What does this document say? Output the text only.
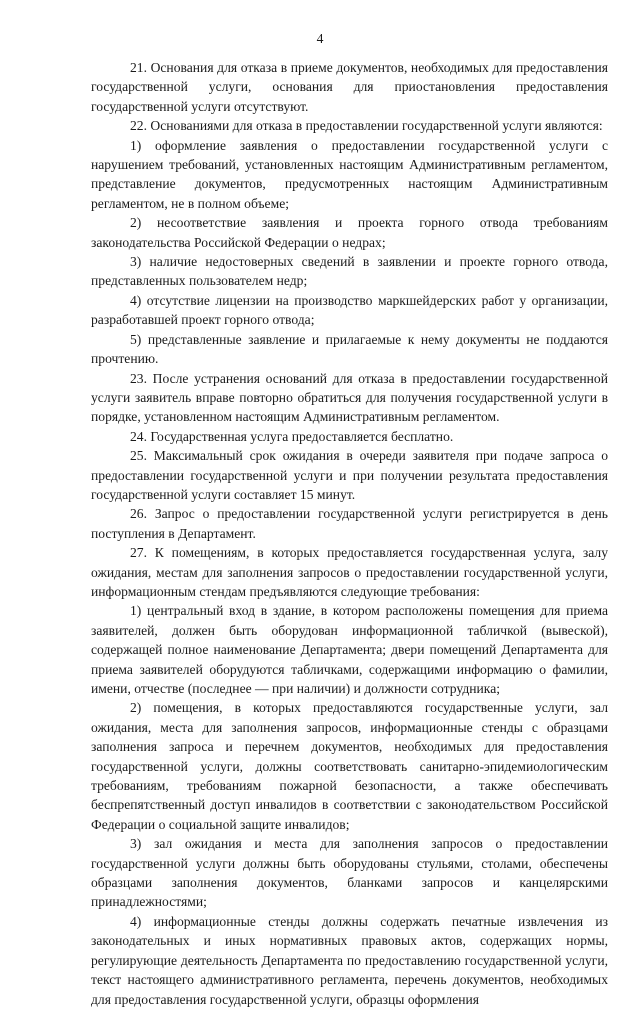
4

21. Основания для отказа в приеме документов, необходимых для предоставления государственной услуги, основания для приостановления предоставления государственной услуги отсутствуют.

22. Основаниями для отказа в предоставлении государственной услуги являются:

1) оформление заявления о предоставлении государственной услуги с нарушением требований, установленных настоящим Административным регламентом, представление документов, предусмотренных настоящим Административным регламентом, не в полном объеме;

2) несоответствие заявления и проекта горного отвода требованиям законодательства Российской Федерации о недрах;

3) наличие недостоверных сведений в заявлении и проекте горного отвода, представленных пользователем недр;

4) отсутствие лицензии на производство маркшейдерских работ у организации, разработавшей проект горного отвода;

5) представленные заявление и прилагаемые к нему документы не поддаются прочтению.

23. После устранения оснований для отказа в предоставлении государственной услуги заявитель вправе повторно обратиться для получения государственной услуги в порядке, установленном настоящим Административным регламентом.

24. Государственная услуга предоставляется бесплатно.

25. Максимальный срок ожидания в очереди заявителя при подаче запроса о предоставлении государственной услуги и при получении результата предоставления государственной услуги составляет 15 минут.

26. Запрос о предоставлении государственной услуги регистрируется в день поступления в Департамент.

27. К помещениям, в которых предоставляется государственная услуга, залу ожидания, местам для заполнения запросов о предоставлении государственной услуги, информационным стендам предъявляются следующие требования:

1) центральный вход в здание, в котором расположены помещения для приема заявителей, должен быть оборудован информационной табличкой (вывеской), содержащей полное наименование Департамента; двери помещений Департамента для приема заявителей оборудуются табличками, содержащими информацию о фамилии, имени, отчестве (последнее — при наличии) и должности сотрудника;

2) помещения, в которых предоставляются государственные услуги, зал ожидания, места для заполнения запросов, информационные стенды с образцами заполнения запроса и перечнем документов, необходимых для предоставления государственной услуги, должны соответствовать санитарно-эпидемиологическим требованиям, требованиям пожарной безопасности, а также обеспечивать беспрепятственный доступ инвалидов в соответствии с законодательством Российской Федерации о социальной защите инвалидов;

3) зал ожидания и места для заполнения запросов о предоставлении государственной услуги должны быть оборудованы стульями, столами, обеспечены образцами заполнения документов, бланками запросов и канцелярскими принадлежностями;

4) информационные стенды должны содержать печатные извлечения из законодательных и иных нормативных правовых актов, содержащих нормы, регулирующие деятельность Департамента по предоставлению государственной услуги, текст настоящего административного регламента, перечень документов, необходимых для предоставления государственной услуги, образцы оформления
